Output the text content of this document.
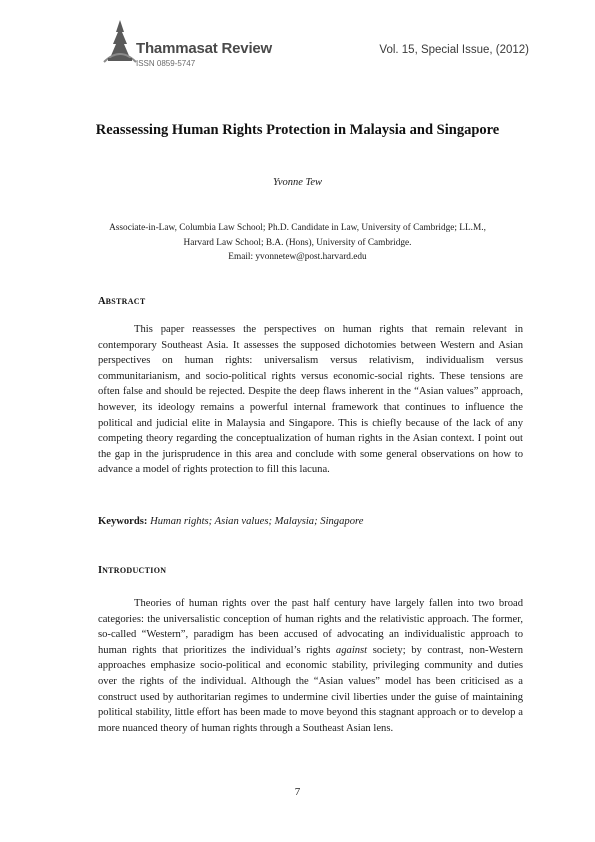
Thammasat Review
ISSN 0859-5747
Vol. 15, Special Issue, (2012)
Reassessing Human Rights Protection in Malaysia and Singapore
Yvonne Tew
Associate-in-Law, Columbia Law School; Ph.D. Candidate in Law, University of Cambridge; LL.M.,
Harvard Law School; B.A. (Hons), University of Cambridge.
Email: yvonnetew@post.harvard.edu
ABSTRACT
This paper reassesses the perspectives on human rights that remain relevant in contemporary Southeast Asia. It assesses the supposed dichotomies between Western and Asian perspectives on human rights: universalism versus relativism, individualism versus communitarianism, and socio-political rights versus economic-social rights. These tensions are often false and should be rejected. Despite the deep flaws inherent in the “Asian values” approach, however, its ideology remains a powerful internal framework that continues to influence the political and judicial elite in Malaysia and Singapore. This is chiefly because of the lack of any competing theory regarding the conceptualization of human rights in the Asian context. I point out the gap in the jurisprudence in this area and conclude with some general observations on how to advance a model of rights protection to fill this lacuna.
Keywords: Human rights; Asian values; Malaysia; Singapore
INTRODUCTION
Theories of human rights over the past half century have largely fallen into two broad categories: the universalistic conception of human rights and the relativistic approach. The former, so-called “Western”, paradigm has been accused of advocating an individualistic approach to human rights that prioritizes the individual’s rights against society; by contrast, non-Western approaches emphasize socio-political and economic stability, privileging community and duties over the rights of the individual. Although the “Asian values” model has been criticised as a construct used by authoritarian regimes to undermine civil liberties under the guise of maintaining political stability, little effort has been made to move beyond this stagnant approach or to develop a more nuanced theory of human rights through a Southeast Asian lens.
7
